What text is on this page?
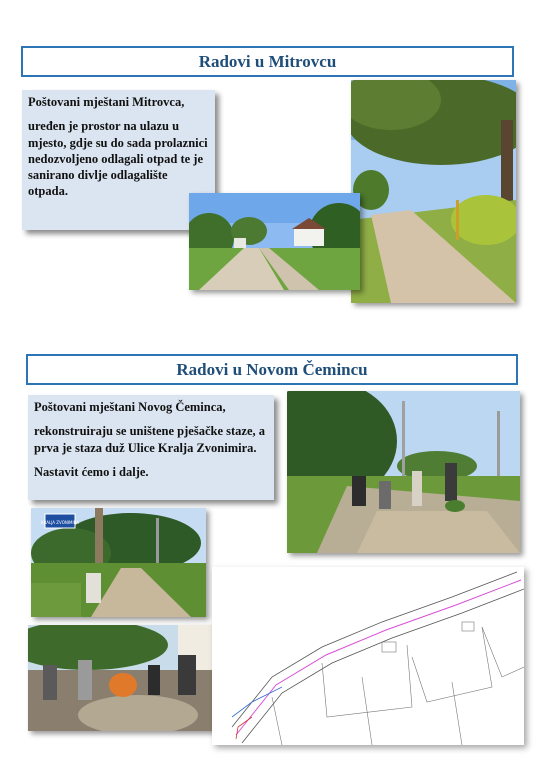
Radovi u Mitrovcu

Poštovani mještani Mitrovca,

uređen je prostor na ulazu u mjesto, gdje su do sada prolaznici nedozvoljeno odlagali otpad te je sanirano divlje odlagalište otpada.

Radovi u Novom Čemincu

Poštovani mještani Novog Čeminca,

rekonstruiraju se uništene pješačke staze, a prva je staza duž Ulice Kralja Zvonimira.

Nastavit ćemo i dalje.

KRALJA ZVONIMIRA
